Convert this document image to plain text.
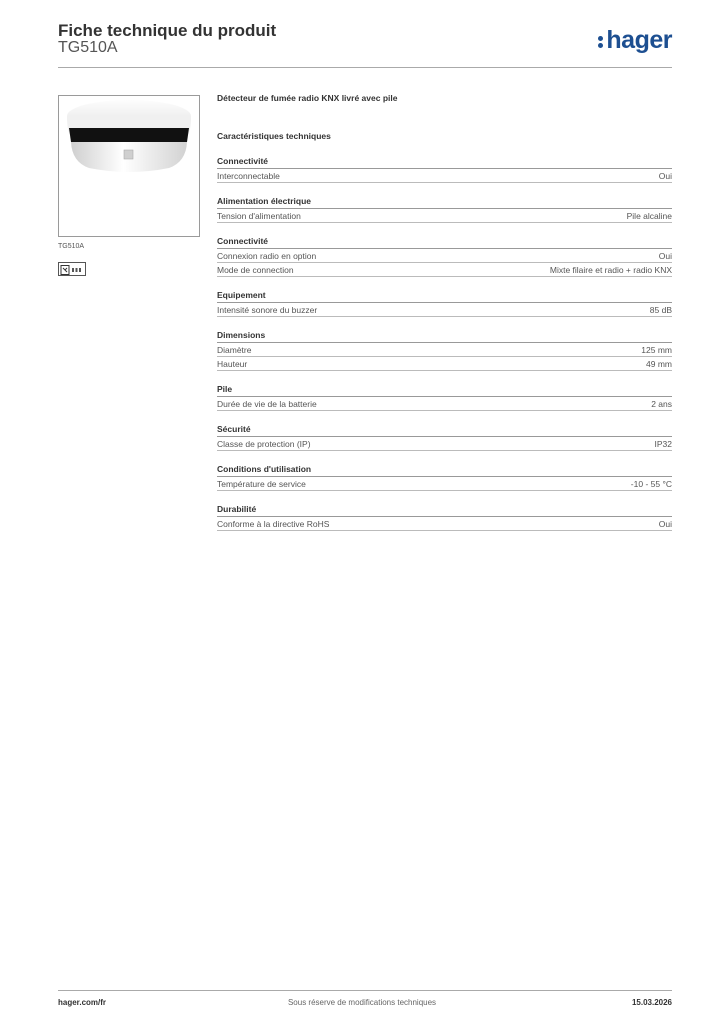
Fiche technique du produit
TG510A	hager
TG510A
Détecteur de fumée radio KNX livré avec pile
Caractéristiques techniques
Connectivité
Interconnectable	Oui
Alimentation électrique
Tension d'alimentation	Pile alcaline
Connectivité
Connexion radio en option	Oui
Mode de connection	Mixte filaire et radio + radio KNX
Equipement
Intensité sonore du buzzer	85 dB
Dimensions
Diamètre	125 mm
Hauteur	49 mm
Pile
Durée de vie de la batterie	2 ans
Sécurité
Classe de protection (IP)	IP32
Conditions d'utilisation
Température de service	-10 - 55 °C
Durabilité
Conforme à la directive RoHS	Oui
hager.com/fr	Sous réserve de modifications techniques	15.03.2026
